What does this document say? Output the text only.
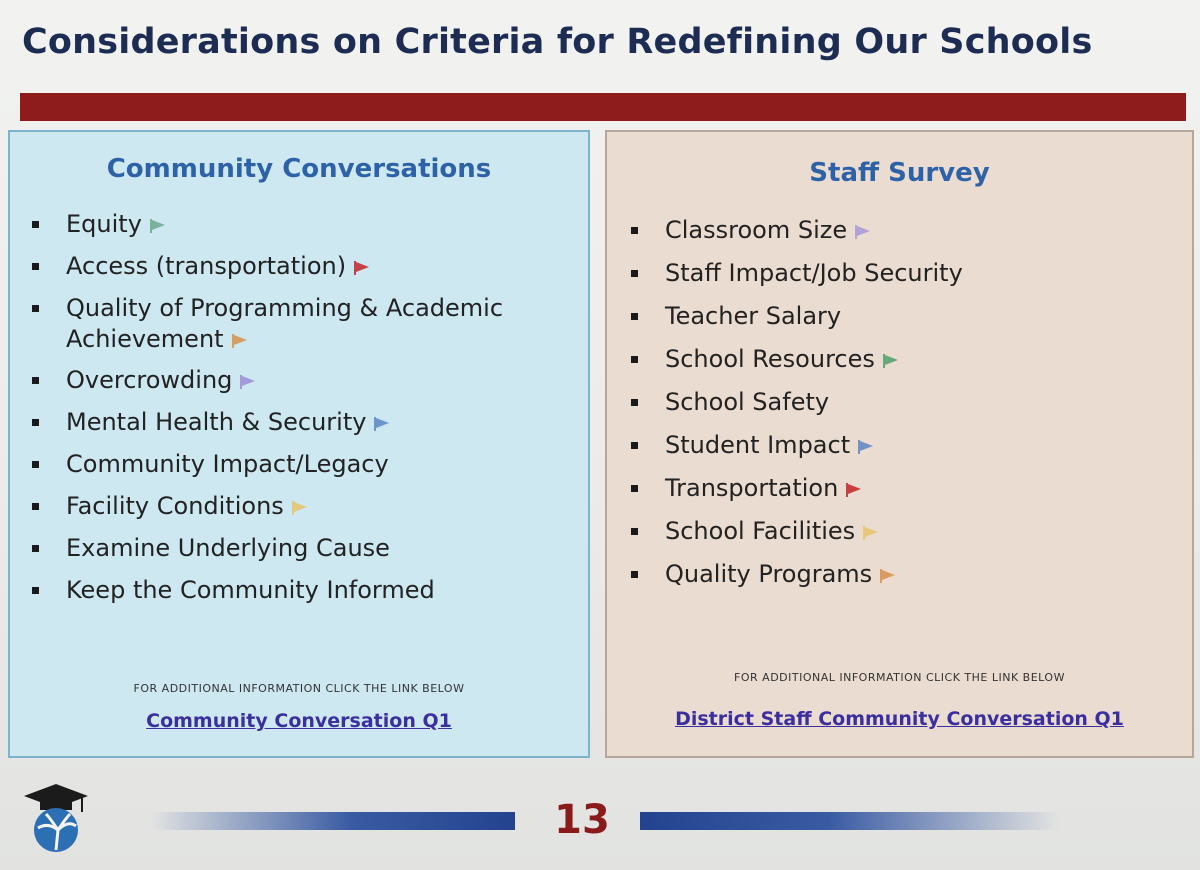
Considerations on Criteria for Redefining Our Schools
Community Conversations
Equity
Access (transportation)
Quality of Programming & Academic Achievement
Overcrowding
Mental Health & Security
Community Impact/Legacy
Facility Conditions
Examine Underlying Cause
Keep the Community Informed
FOR ADDITIONAL INFORMATION CLICK THE LINK BELOW
Community Conversation Q1
Staff Survey
Classroom Size
Staff Impact/Job Security
Teacher Salary
School Resources
School Safety
Student Impact
Transportation
School Facilities
Quality Programs
FOR ADDITIONAL INFORMATION CLICK THE LINK BELOW
District Staff Community Conversation Q1
13
